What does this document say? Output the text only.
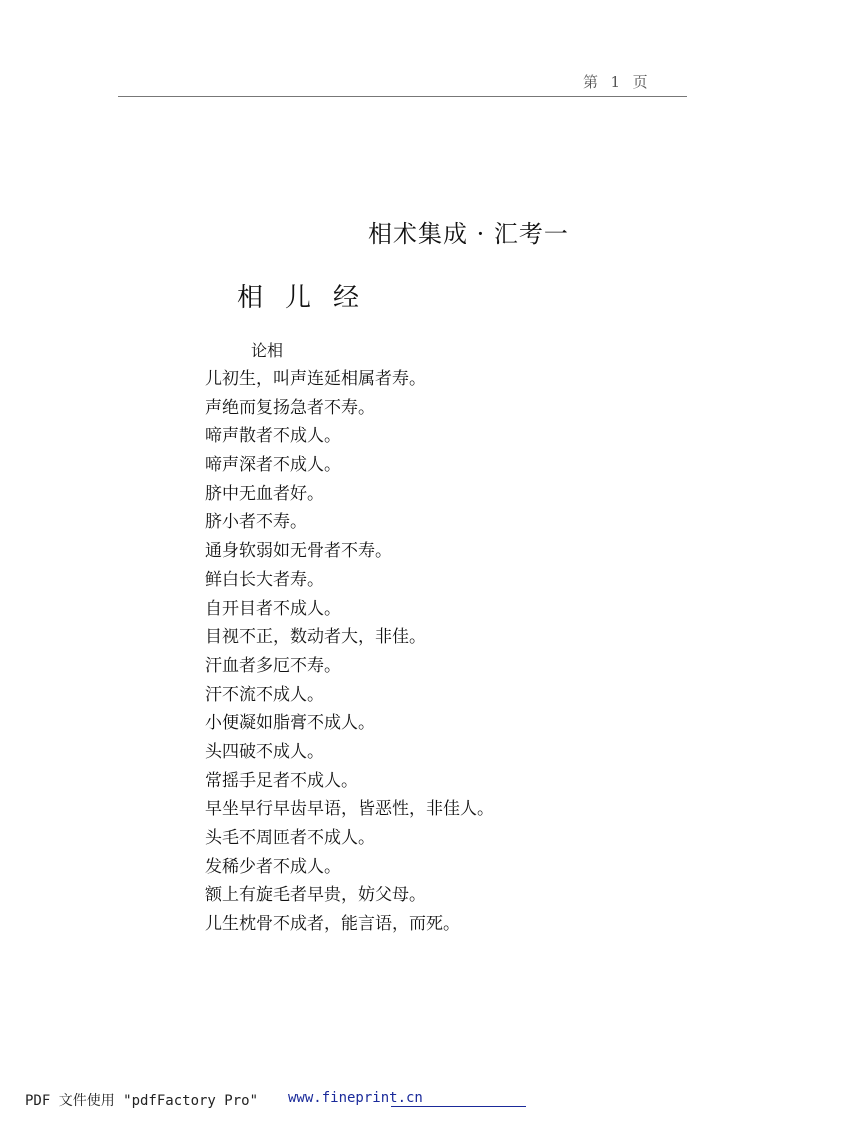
第  1  页
相术集成 · 汇考一
相儿经
论相
儿初生，叫声连延相属者寿。
声绝而复扬急者不寿。
啼声散者不成人。
啼声深者不成人。
脐中无血者好。
脐小者不寿。
通身软弱如无骨者不寿。
鲜白长大者寿。
自开目者不成人。
目视不正，数动者大，非佳。
汗血者多厄不寿。
汗不流不成人。
小便凝如脂膏不成人。
头四破不成人。
常摇手足者不成人。
早坐早行早齿早语，皆恶性，非佳人。
头毛不周匝者不成人。
发稀少者不成人。
额上有旋毛者早贵，妨父母。
儿生枕骨不成者，能言语，而死。
PDF 文件使用 "pdfFactory Pro" www.fineprint.cn
